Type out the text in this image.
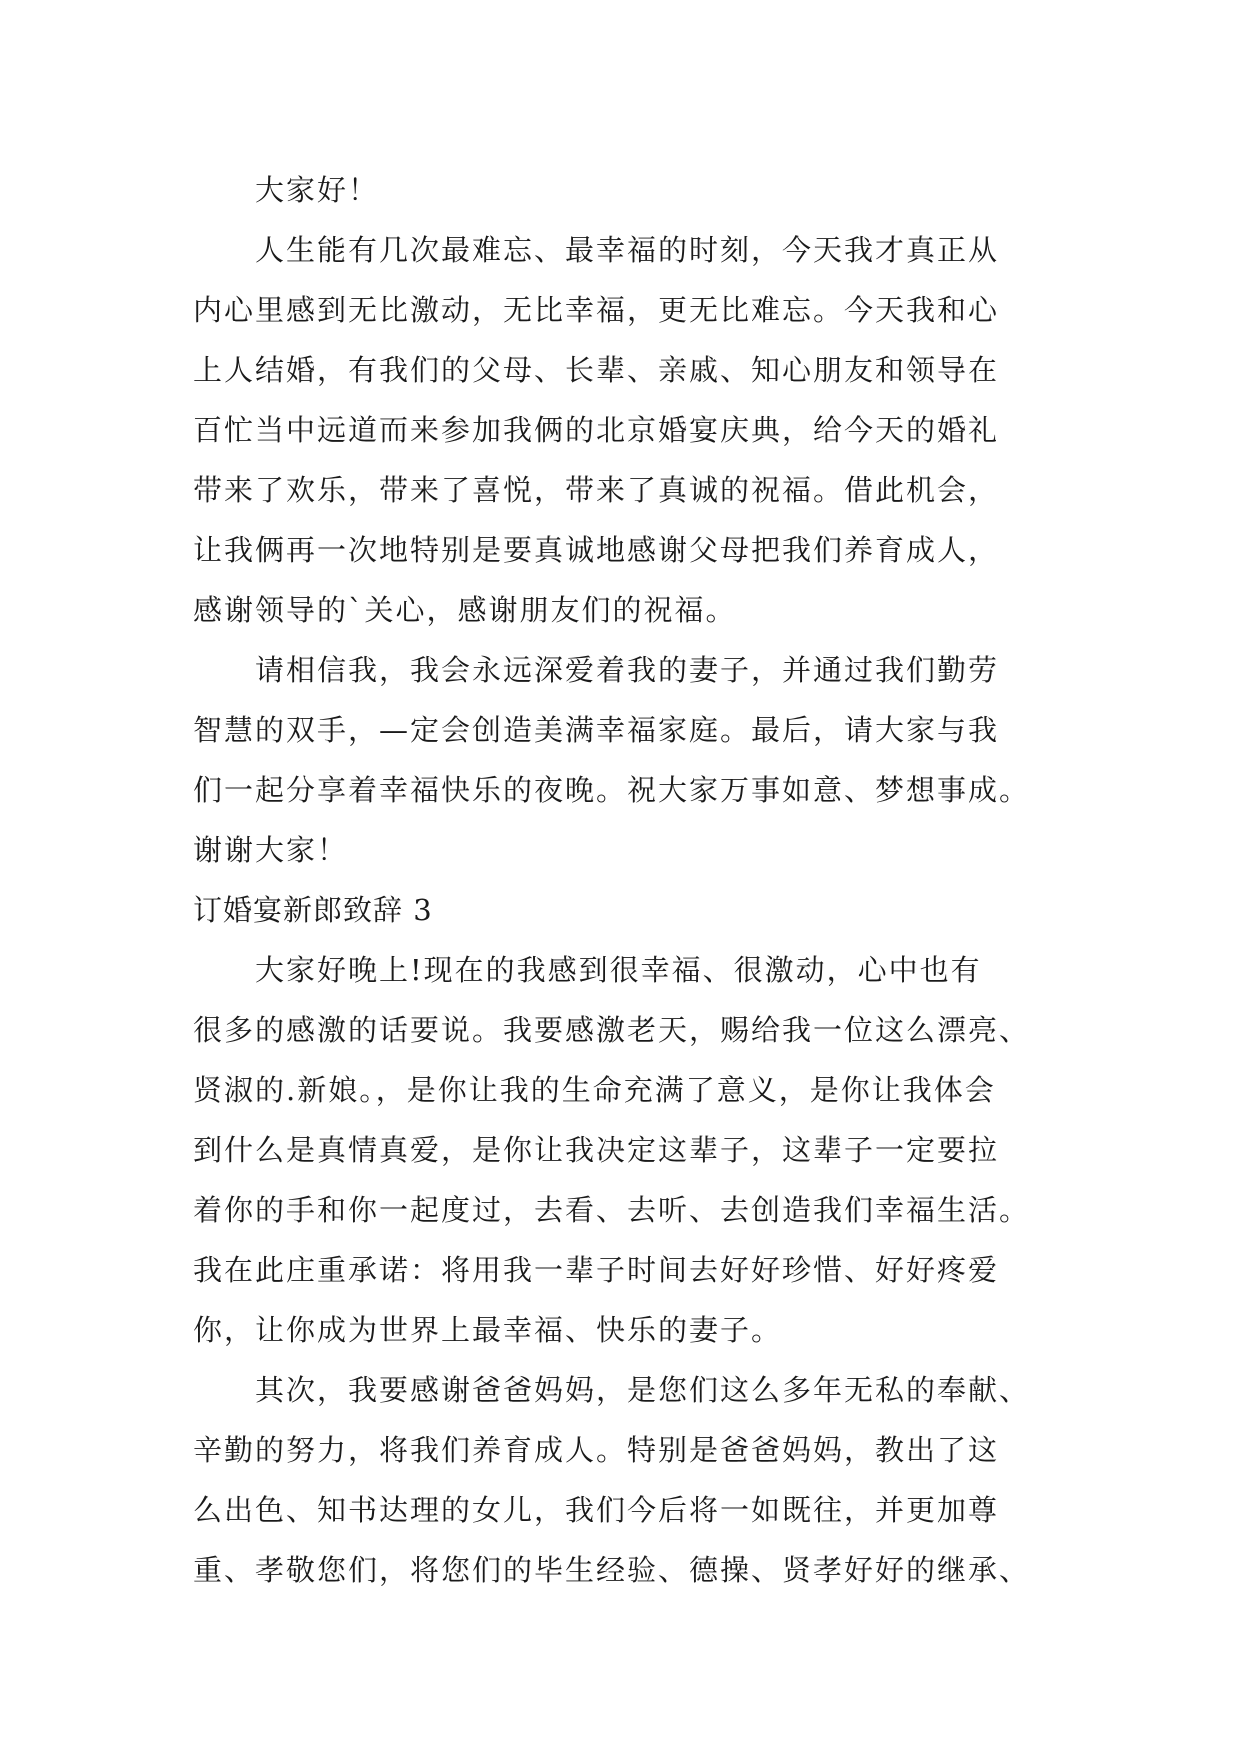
大家好！
人生能有几次最难忘、最幸福的时刻，今天我才真正从
内心里感到无比激动，无比幸福，更无比难忘。今天我和心
上人结婚，有我们的父母、长辈、亲戚、知心朋友和领导在
百忙当中远道而来参加我俩的北京婚宴庆典，给今天的婚礼
带来了欢乐，带来了喜悦，带来了真诚的祝福。借此机会，
让我俩再一次地特别是要真诚地感谢父母把我们养育成人，
感谢领导的`关心，感谢朋友们的祝福。
请相信我，我会永远深爱着我的妻子，并通过我们勤劳
智慧的双手，—定会创造美满幸福家庭。最后，请大家与我
们一起分享着幸福快乐的夜晚。祝大家万事如意、梦想事成。
谢谢大家！
订婚宴新郎致辞 3
大家好晚上!现在的我感到很幸福、很激动，心中也有
很多的感激的话要说。我要感激老天，赐给我一位这么漂亮、
贤淑的.新娘。，是你让我的生命充满了意义，是你让我体会
到什么是真情真爱，是你让我决定这辈子，这辈子一定要拉
着你的手和你一起度过，去看、去听、去创造我们幸福生活。
我在此庄重承诺：将用我一辈子时间去好好珍惜、好好疼爱
你，让你成为世界上最幸福、快乐的妻子。
其次，我要感谢爸爸妈妈，是您们这么多年无私的奉献、
辛勤的努力，将我们养育成人。特别是爸爸妈妈，教出了这
么出色、知书达理的女儿，我们今后将一如既往，并更加尊
重、孝敬您们，将您们的毕生经验、德操、贤孝好好的继承、
